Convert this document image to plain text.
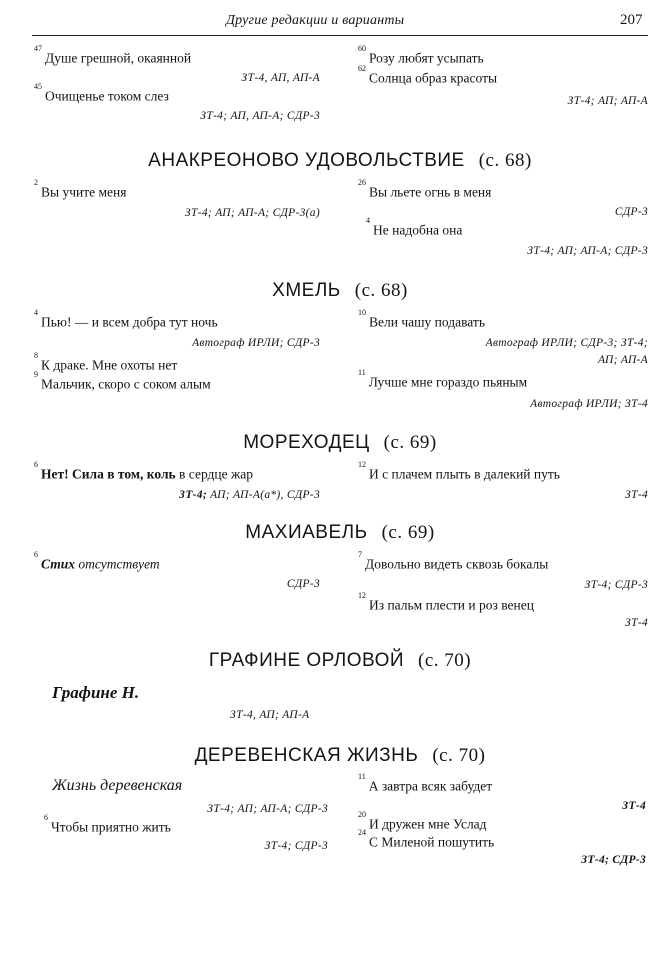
Другие редакции и варианты	207
$^{47}$Душе грешной, окаянной
ЗТ-4, АП, АП-А
$^{45}$Очищенье током слез
ЗТ-4; АП, АП-А; СДР-3
$^{60}$Розу любят усыпать
$^{62}$Солнца образ красоты
ЗТ-4; АП; АП-А
АНАКРЕОНОВО УДОВОЛЬСТВИЕ (с. 68)
$^2$Вы учите меня
ЗТ-4; АП; АП-А; СДР-3(а)
$^{26}$Вы льете огнь в меня
СДР-3
$^4$Не надобна она
ЗТ-4; АП; АП-А; СДР-3
ХМЕЛЬ (с. 68)
$^4$Пью! — и всем добра тут ночь
Автограф ИРЛИ; СДР-3
$^8$К драке. Мне охоты нет
$^9$Мальчик, скоро с соком алым
$^{10}$Вели чашу подавать
Автограф ИРЛИ; СДР-3; ЗТ-4;
АП; АП-А
$^{11}$Лучше мне гораздо пьяным
Автограф ИРЛИ; ЗТ-4
МОРЕХОДЕЦ (с. 69)
$^6$Нет! Сила в том, коль в сердце жар
ЗТ-4; АП; АП-А(а*), СДР-3
$^{12}$И с плачем плыть в далекий путь
ЗТ-4
МАХИАВЕЛЬ (с. 69)
$^6$Стих отсутствует
СДР-3
$^7$Довольно видеть сквозь бокалы
ЗТ-4; СДР-3
$^{12}$Из пальм плести и роз венец
ЗТ-4
ГРАФИНЕ ОРЛОВОЙ (с. 70)
Графине Н.
ЗТ-4, АП; АП-А
ДЕРЕВЕНСКАЯ ЖИЗНЬ (с. 70)
Жизнь деревенская
ЗТ-4; АП; АП-А; СДР-3
$^6$Чтобы приятно жить
ЗТ-4; СДР-3
$^{11}$А завтра всяк забудет
ЗТ-4
$^{20}$И дружен мне Услад
$^{24}$С Миленой пошутить
ЗТ-4; СДР-3
